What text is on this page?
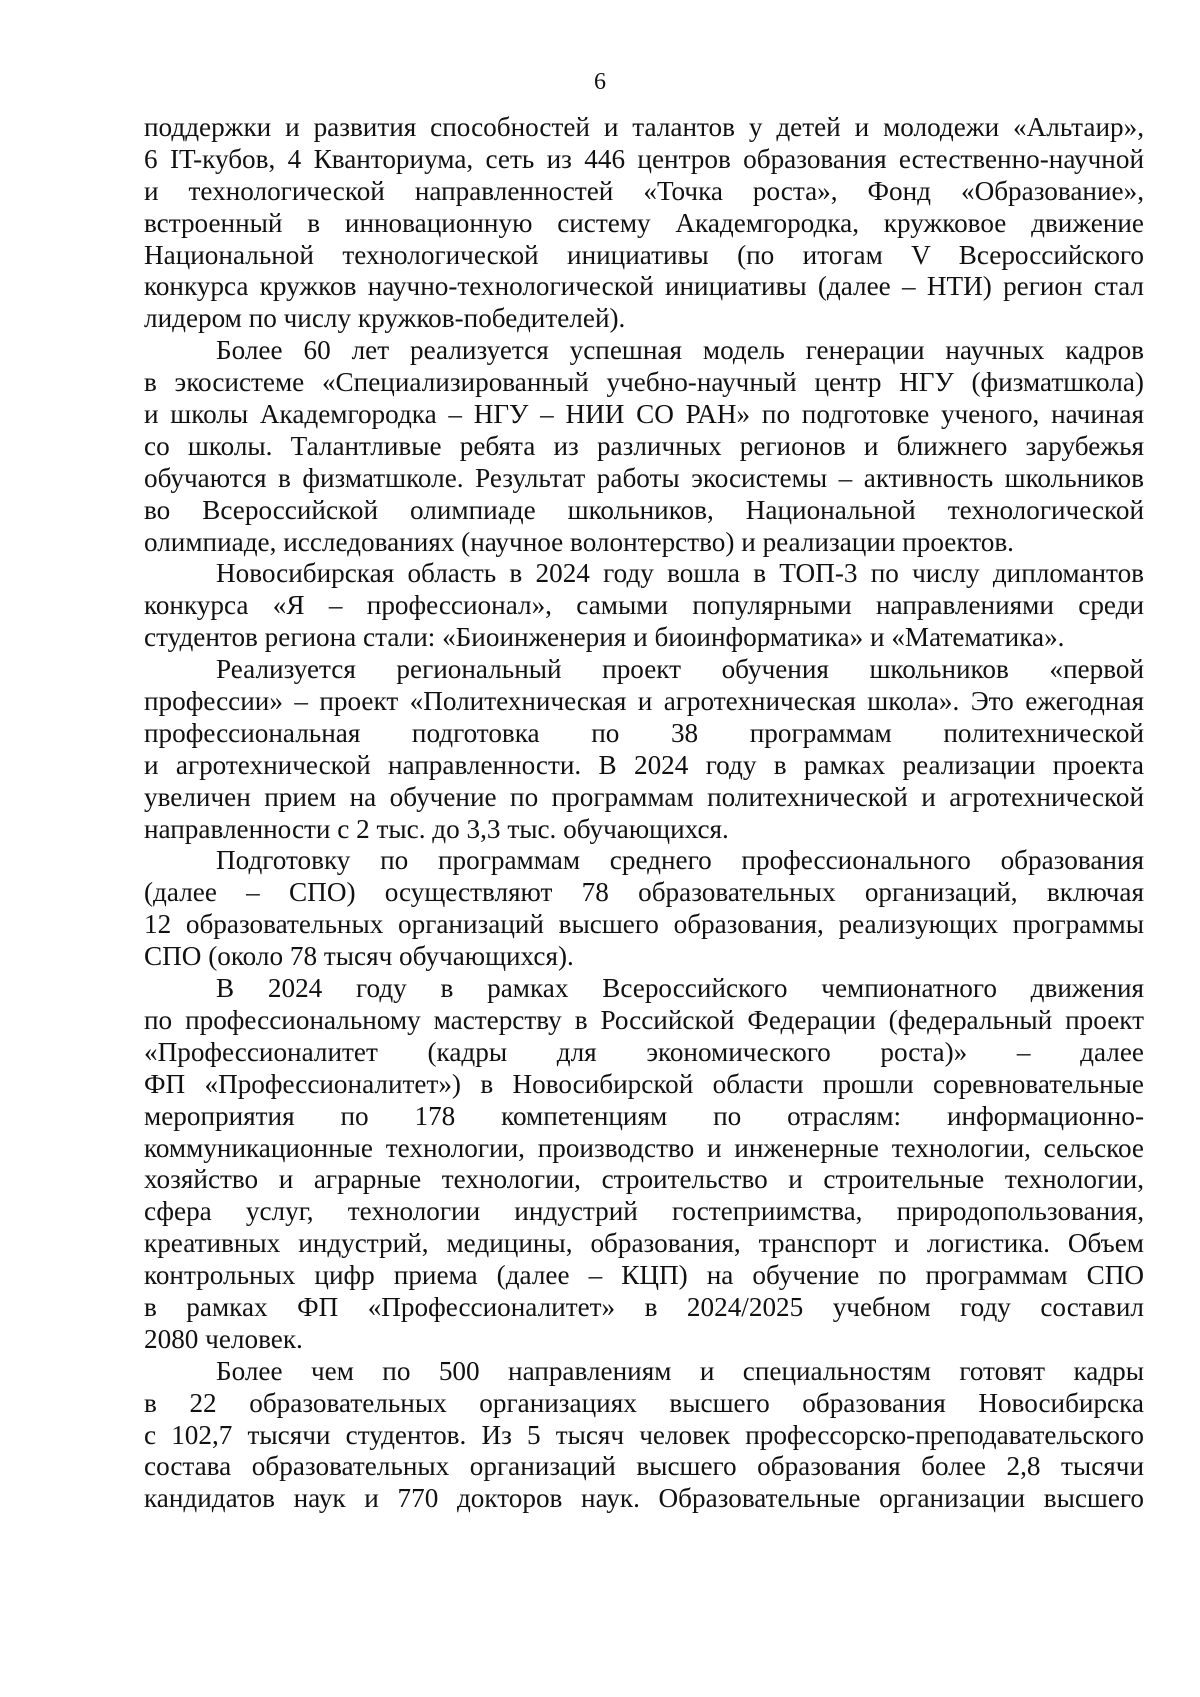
6
поддержки и развития способностей и талантов у детей и молодежи «Альтаир»,
6 IT-кубов, 4 Кванториума, сеть из 446 центров образования естественно-научной
и технологической направленностей «Точка роста», Фонд «Образование»,
встроенный в инновационную систему Академгородка, кружковое движение
Национальной технологической инициативы (по итогам V Всероссийского
конкурса кружков научно-технологической инициативы (далее – НТИ) регион стал
лидером по числу кружков-победителей).
Более 60 лет реализуется успешная модель генерации научных кадров
в экосистеме «Специализированный учебно-научный центр НГУ (физматшкола)
и школы Академгородка – НГУ – НИИ СО РАН» по подготовке ученого, начиная
со школы. Талантливые ребята из различных регионов и ближнего зарубежья
обучаются в физматшколе. Результат работы экосистемы – активность школьников
во Всероссийской олимпиаде школьников, Национальной технологической
олимпиаде, исследованиях (научное волонтерство) и реализации проектов.
Новосибирская область в 2024 году вошла в ТОП-3 по числу дипломантов
конкурса «Я – профессионал», самыми популярными направлениями среди
студентов региона стали: «Биоинженерия и биоинформатика» и «Математика».
Реализуется региональный проект обучения школьников «первой
профессии» – проект «Политехническая и агротехническая школа». Это ежегодная
профессиональная подготовка по 38 программам политехнической
и агротехнической направленности. В 2024 году в рамках реализации проекта
увеличен прием на обучение по программам политехнической и агротехнической
направленности с 2 тыс. до 3,3 тыс. обучающихся.
Подготовку по программам среднего профессионального образования
(далее – СПО) осуществляют 78 образовательных организаций, включая
12 образовательных организаций высшего образования, реализующих программы
СПО (около 78 тысяч обучающихся).
В 2024 году в рамках Всероссийского чемпионатного движения
по профессиональному мастерству в Российской Федерации (федеральный проект
«Профессионалитет (кадры для экономического роста)» – далее
ФП «Профессионалитет») в Новосибирской области прошли соревновательные
мероприятия по 178 компетенциям по отраслям: информационно-
коммуникационные технологии, производство и инженерные технологии, сельское
хозяйство и аграрные технологии, строительство и строительные технологии,
сфера услуг, технологии индустрий гостеприимства, природопользования,
креативных индустрий, медицины, образования, транспорт и логистика. Объем
контрольных цифр приема (далее – КЦП) на обучение по программам СПО
в рамках ФП «Профессионалитет» в 2024/2025 учебном году составил
2080 человек.
Более чем по 500 направлениям и специальностям готовят кадры
в 22 образовательных организациях высшего образования Новосибирска
с 102,7 тысячи студентов. Из 5 тысяч человек профессорско-преподавательского
состава образовательных организаций высшего образования более 2,8 тысячи
кандидатов наук и 770 докторов наук. Образовательные организации высшего
